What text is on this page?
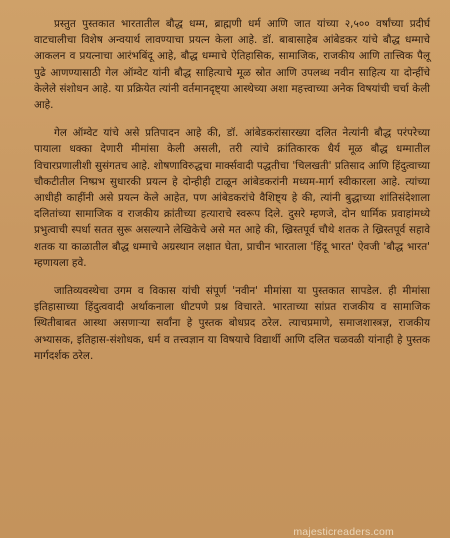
प्रस्तुत पुस्तकात भारतातील बौद्ध धम्म, ब्राह्मणी धर्म आणि जात यांच्या २,५०० वर्षांच्या प्रदीर्घ वाटचालीचा विशेष अन्वयार्थ लावण्याचा प्रयत्न केला आहे. डॉ. बाबासाहेब आंबेडकर यांचे बौद्ध धम्माचे आकलन व प्रयत्नाचा आरंभबिंदू आहे, बौद्ध धम्माचे ऐतिहासिक, सामाजिक, राजकीय आणि तात्त्विक पैलू पुढे आणण्यासाठी गेल ऑम्वेट यांनी बौद्ध साहित्याचे मूळ स्रोत आणि उपलब्ध नवीन साहित्य या दोन्हींचे केलेले संशोधन आहे. या प्रक्रियेत त्यांनी वर्तमानदृष्ट्या आस्थेच्या अशा महत्त्वाच्या अनेक विषयांची चर्चा केली आहे.

गेल ऑम्वेट यांचे असे प्रतिपादन आहे की, डॉ. आंबेडकरांसारख्या दलित नेत्यांनी बौद्ध परंपरेच्या पायाला धक्का देणारी मीमांसा केली असली, तरी त्यांचे क्रांतिकारक धैर्य मूळ बौद्ध धम्मातील विचारप्रणालीशी सुसंगतच आहे. शोषणाविरुद्धचा मार्क्सवादी पद्धतीचा 'चिलखती' प्रतिसाद आणि हिंदुत्वाच्या चौकटीतील निष्प्रभ सुधारकी प्रयत्न हे दोन्हीही टाळून आंबेडकरांनी मध्यम-मार्ग स्वीकारला आहे. त्यांच्या आधीही काहींनी असे प्रयत्न केले आहेत, पण आंबेडकरांचे वैशिष्ट्य हे की, त्यांनी बुद्धाच्या शांतिसंदेशाला दलितांच्या सामाजिक व राजकीय क्रांतीच्या हत्याराचे स्वरूप दिले. दुसरे म्हणजे, दोन धार्मिक प्रवाहांमध्ये प्रभुत्वाची स्पर्धा सतत सुरू असल्याने लेखिकेचे असे मत आहे की, ख्रिस्तपूर्व चौथे शतक ते ख्रिस्तपूर्व सहावे शतक या काळातील बौद्ध धम्माचे अग्रस्थान लक्षात घेता, प्राचीन भारताला 'हिंदू भारत' ऐवजी 'बौद्ध भारत' म्हणायला हवे.

जातिव्यवस्थेचा उगम व विकास यांची संपूर्ण 'नवीन' मीमांसा या पुस्तकात सापडेल. ही मीमांसा इतिहासाच्या हिंदुत्ववादी अर्थाकनाला धीटपणे प्रश्न विचारते. भारताच्या सांप्रत राजकीय व सामाजिक स्थितीबाबत आस्था असणाऱ्या सर्वांना हे पुस्तक बोधप्रद ठरेल. त्याचप्रमाणे, समाजशास्त्रज्ञ, राजकीय अभ्यासक, इतिहास-संशोधक, धर्म व तत्त्वज्ञान या विषयाचे विद्यार्थी आणि दलित चळवळी यांनाही हे पुस्तक मार्गदर्शक ठरेल.

majesticreaders.com
